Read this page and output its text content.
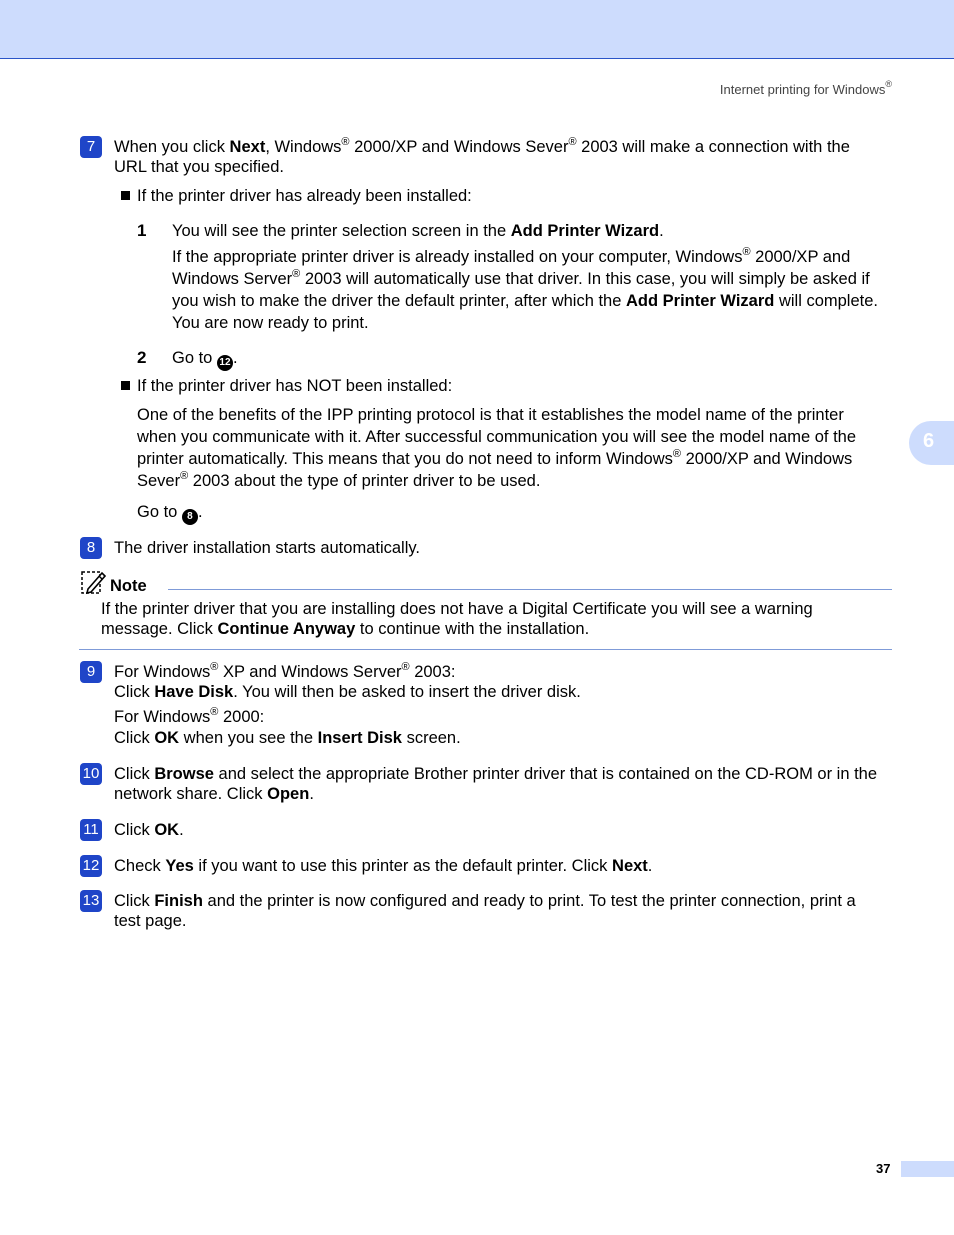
Internet printing for Windows®
6
7	When you click Next, Windows® 2000/XP and Windows Sever® 2003 will make a connection with the
URL that you specified.
If the printer driver has already been installed:
1 You will see the printer selection screen in the Add Printer Wizard.
If the appropriate printer driver is already installed on your computer, Windows® 2000/XP and
Windows Server® 2003 will automatically use that driver. In this case, you will simply be asked if
you wish to make the driver the default printer, after which the Add Printer Wizard will complete.
You are now ready to print.
2 Go to 12 .
If the printer driver has NOT been installed:
One of the benefits of the IPP printing protocol is that it establishes the model name of the printer
when you communicate with it. After successful communication you will see the model name of the
printer automatically. This means that you do not need to inform Windows® 2000/XP and Windows
Sever® 2003 about the type of printer driver to be used.
Go to 8 .
8	The driver installation starts automatically.
Note
If the printer driver that you are installing does not have a Digital Certificate you will see a warning
message. Click Continue Anyway to continue with the installation.
9	For Windows® XP and Windows Server® 2003:
Click Have Disk. You will then be asked to insert the driver disk.
For Windows® 2000:
Click OK when you see the Insert Disk screen.
10 Click Browse and select the appropriate Brother printer driver that is contained on the CD-ROM or in the
network share. Click Open.
11 Click OK.
12 Check Yes if you want to use this printer as the default printer. Click Next.
13 Click Finish and the printer is now configured and ready to print. To test the printer connection, print a
test page.
37
